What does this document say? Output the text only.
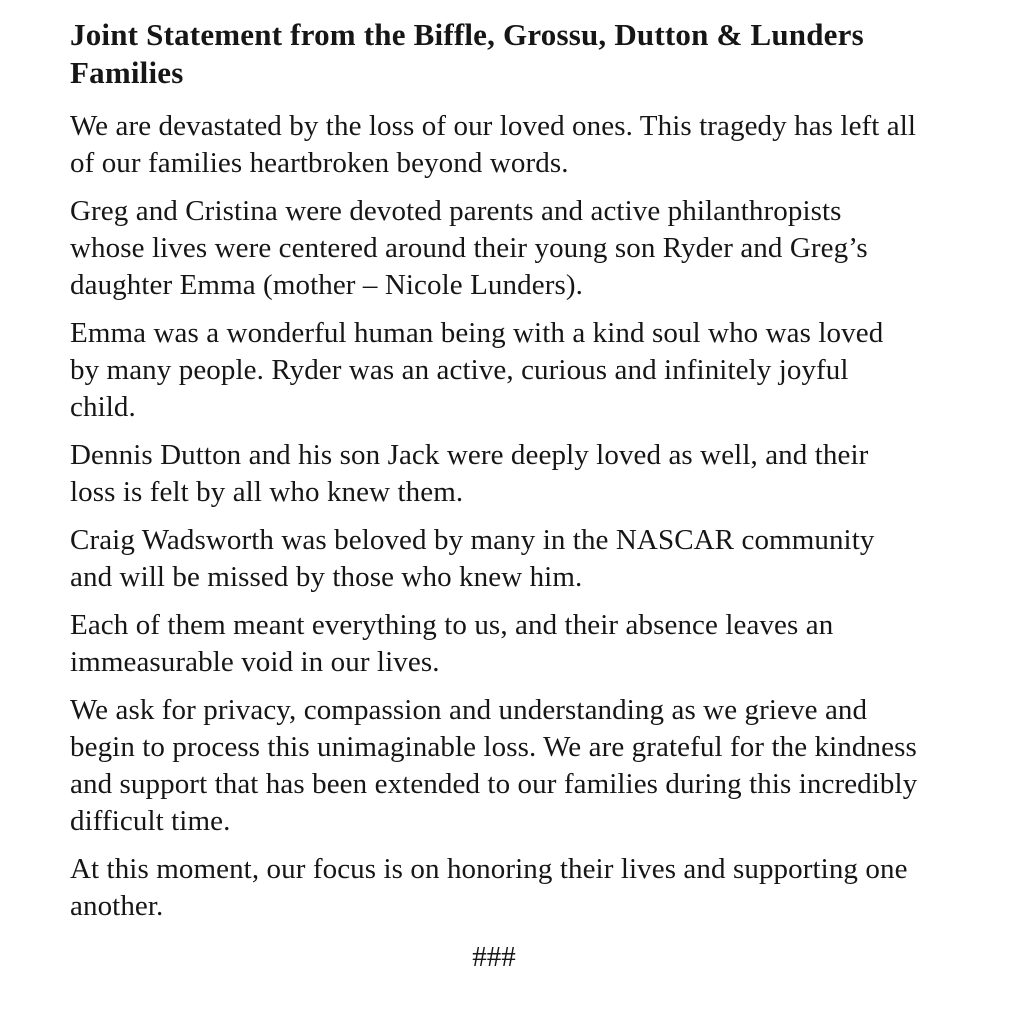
Joint Statement from the Biffle, Grossu, Dutton & Lunders Families

We are devastated by the loss of our loved ones. This tragedy has left all of our families heartbroken beyond words.

Greg and Cristina were devoted parents and active philanthropists whose lives were centered around their young son Ryder and Greg’s daughter Emma (mother – Nicole Lunders).

Emma was a wonderful human being with a kind soul who was loved by many people. Ryder was an active, curious and infinitely joyful child.

Dennis Dutton and his son Jack were deeply loved as well, and their loss is felt by all who knew them.

Craig Wadsworth was beloved by many in the NASCAR community and will be missed by those who knew him.

Each of them meant everything to us, and their absence leaves an immeasurable void in our lives.

We ask for privacy, compassion and understanding as we grieve and begin to process this unimaginable loss. We are grateful for the kindness and support that has been extended to our families during this incredibly difficult time.

At this moment, our focus is on honoring their lives and supporting one another.

###
